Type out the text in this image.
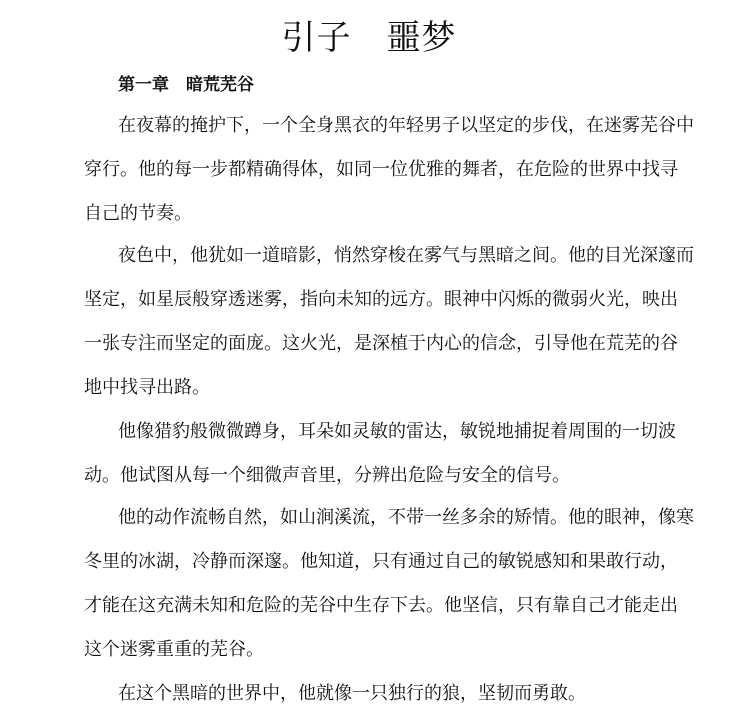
引子　噩梦
第一章　暗荒芜谷

在夜幕的掩护下，一个全身黑衣的年轻男子以坚定的步伐，在迷雾芜谷中穿行。他的每一步都精确得体，如同一位优雅的舞者，在危险的世界中找寻自己的节奏。

夜色中，他犹如一道暗影，悄然穿梭在雾气与黑暗之间。他的目光深邃而坚定，如星辰般穿透迷雾，指向未知的远方。眼神中闪烁的微弱火光，映出一张专注而坚定的面庞。这火光，是深植于内心的信念，引导他在荒芜的谷地中找寻出路。

他像猎豹般微微蹲身，耳朵如灵敏的雷达，敏锐地捕捉着周围的一切波动。他试图从每一个细微声音里，分辨出危险与安全的信号。

他的动作流畅自然，如山涧溪流，不带一丝多余的矫情。他的眼神，像寒冬里的冰湖，冷静而深邃。他知道，只有通过自己的敏锐感知和果敢行动，才能在这充满未知和危险的芜谷中生存下去。他坚信，只有靠自己才能走出这个迷雾重重的芜谷。

在这个黑暗的世界中，他就像一只独行的狼，坚韧而勇敢。
